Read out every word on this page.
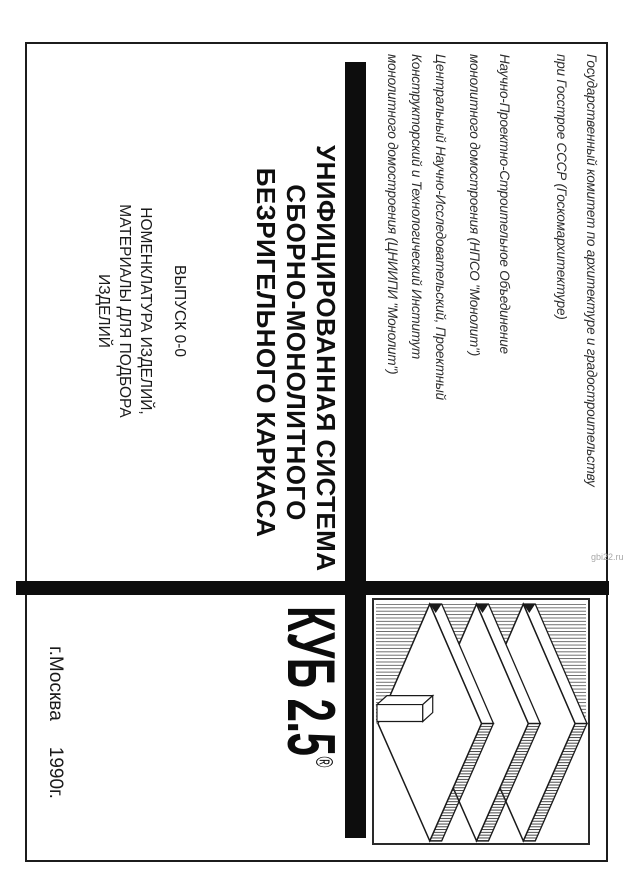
Государственный комитет по архитектуре и градостроительству
при Госстрое СССР (Госкомархитектуре)
Научно-Проектно-Строительное Объединение
монолитного домостроения (НПСО "Монолит")
Центральный Научно-Исследовательский, Проектный
Конструкторский и Технологический Институт
монолитного домостроения (ЦНИИПИ "Монолит")
УНИФИЦИРОВАННАЯ СИСТЕМА
СБОРНО-МОНОЛИТНОГО
БЕЗРИГЕЛЬНОГО КАРКАСА
ВЫПУСК 0-0
НОМЕНКЛАТУРА ИЗДЕЛИЙ,
МАТЕРИАЛЫ ДЛЯ ПОДБОРА
ИЗДЕЛИЙ
КУБ 2.5®
г.Москва1990г.
gbi22.ru
